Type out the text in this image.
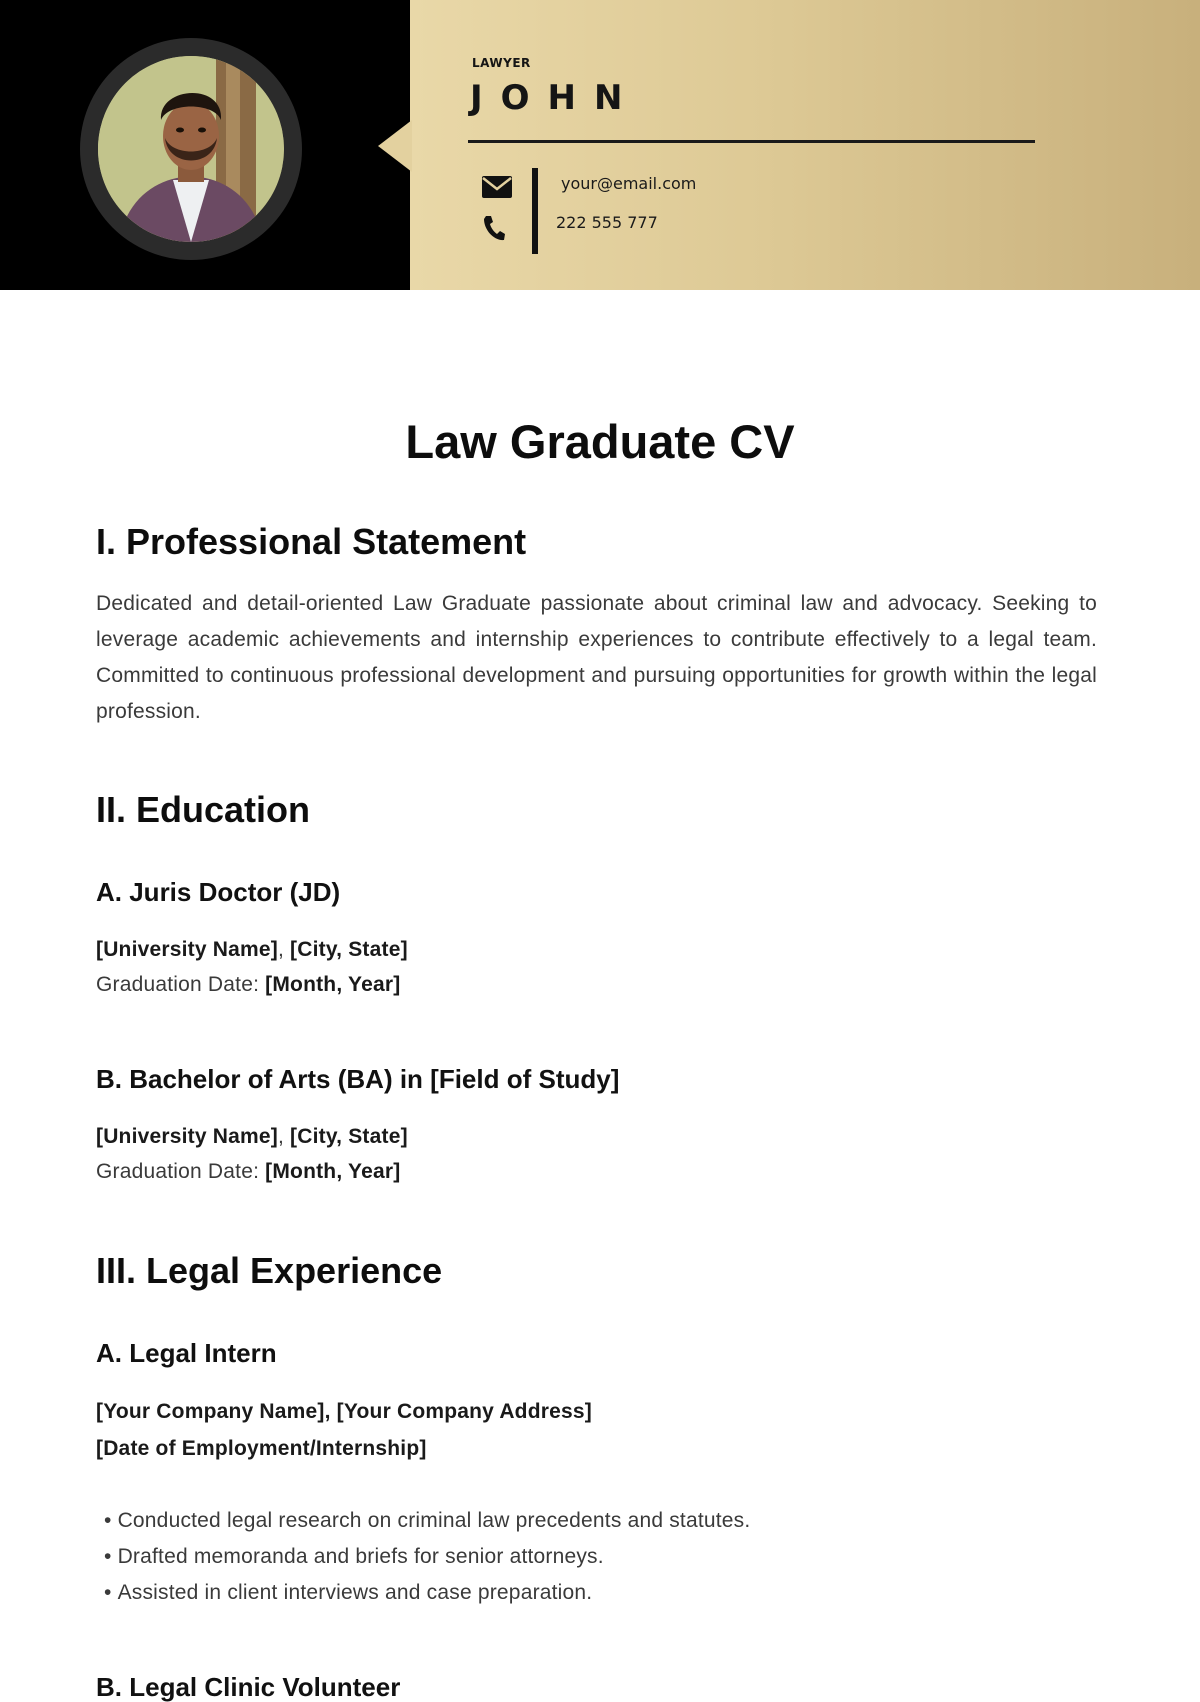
LAWYER
JOHN
your@email.com
222 555 777
Law Graduate CV
I. Professional Statement
Dedicated and detail-oriented Law Graduate passionate about criminal law and advocacy. Seeking to leverage academic achievements and internship experiences to contribute effectively to a legal team. Committed to continuous professional development and pursuing opportunities for growth within the legal profession.
II. Education
A. Juris Doctor (JD)
[University Name], [City, State]
Graduation Date: [Month, Year]
B. Bachelor of Arts (BA) in [Field of Study]
[University Name], [City, State]
Graduation Date: [Month, Year]
III. Legal Experience
A. Legal Intern
[Your Company Name], [Your Company Address]
[Date of Employment/Internship]
• Conducted legal research on criminal law precedents and statutes.
• Drafted memoranda and briefs for senior attorneys.
• Assisted in client interviews and case preparation.
B. Legal Clinic Volunteer
